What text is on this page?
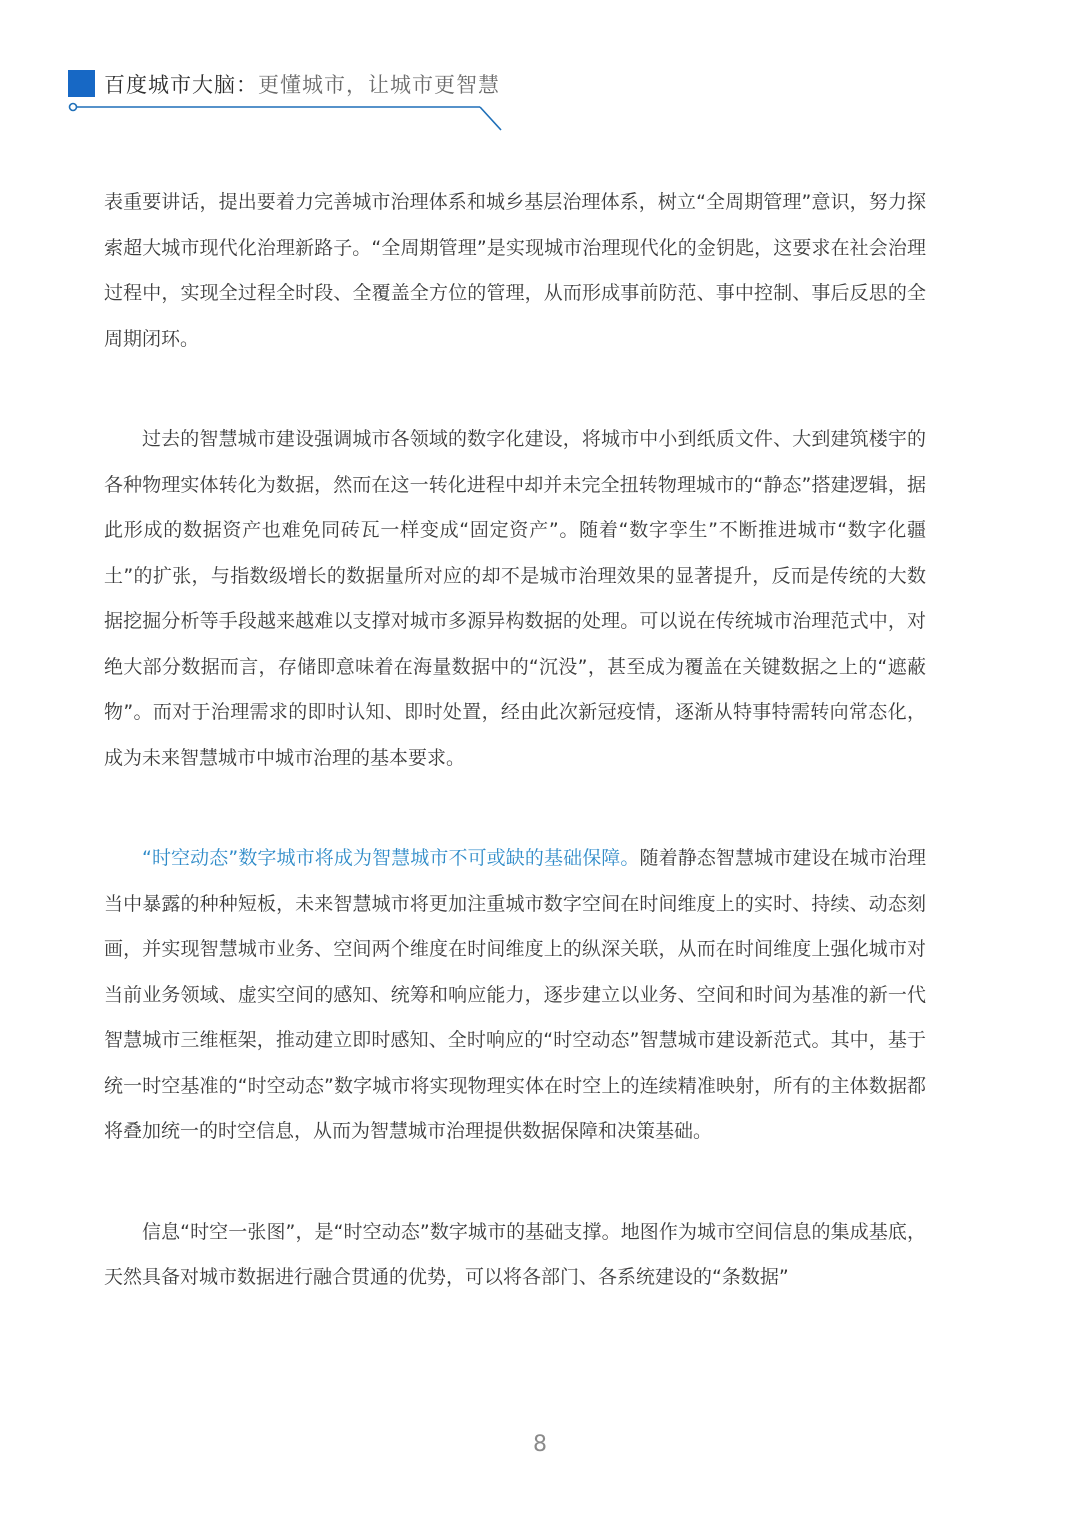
百度城市大脑：更懂城市，让城市更智慧

表重要讲话，提出要着力完善城市治理体系和城乡基层治理体系，树立“全周期管理”意识，努力探索超大城市现代化治理新路子。“全周期管理”是实现城市治理现代化的金钥匙，这要求在社会治理过程中，实现全过程全时段、全覆盖全方位的管理，从而形成事前防范、事中控制、事后反思的全周期闭环。

过去的智慧城市建设强调城市各领域的数字化建设，将城市中小到纸质文件、大到建筑楼宇的各种物理实体转化为数据，然而在这一转化进程中却并未完全扭转物理城市的“静态”搭建逻辑，据此形成的数据资产也难免同砖瓦一样变成“固定资产”。随着“数字孪生”不断推进城市“数字化疆土”的扩张，与指数级增长的数据量所对应的却不是城市治理效果的显著提升，反而是传统的大数据挖掘分析等手段越来越难以支撑对城市多源异构数据的处理。可以说在传统城市治理范式中，对绝大部分数据而言，存储即意味着在海量数据中的“沉没”，甚至成为覆盖在关键数据之上的“遮蔽物”。而对于治理需求的即时认知、即时处置，经由此次新冠疫情，逐渐从特事特需转向常态化，成为未来智慧城市中城市治理的基本要求。

“时空动态”数字城市将成为智慧城市不可或缺的基础保障。随着静态智慧城市建设在城市治理当中暴露的种种短板，未来智慧城市将更加注重城市数字空间在时间维度上的实时、持续、动态刻画，并实现智慧城市业务、空间两个维度在时间维度上的纵深关联，从而在时间维度上强化城市对当前业务领域、虚实空间的感知、统筹和响应能力，逐步建立以业务、空间和时间为基准的新一代智慧城市三维框架，推动建立即时感知、全时响应的“时空动态”智慧城市建设新范式。其中，基于统一时空基准的“时空动态”数字城市将实现物理实体在时空上的连续精准映射，所有的主体数据都将叠加统一的时空信息，从而为智慧城市治理提供数据保障和决策基础。

信息“时空一张图”，是“时空动态”数字城市的基础支撑。地图作为城市空间信息的集成基底，天然具备对城市数据进行融合贯通的优势，可以将各部门、各系统建设的“条数据”

8
